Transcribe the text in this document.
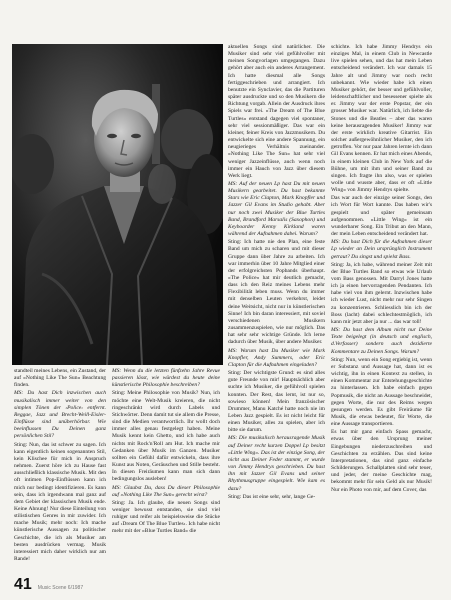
standteil meines Lebens, ein Zustand, der auf »Nothing Like The Sun« Beachtung finden.

MS: Du hast Dich inzwischen auch musikalisch immer weiter von den simplen Tönen der ›Police‹ entfernt. Reggae, Jazz und Brecht-Weill-Eisler-Einflüsse sind unüberhörbar. Wie beeinflussen Du Deinen ganz persönlichen Stil?

Sting: Nun, das ist schwer zu sagen. Ich kann eigentlich keinen sogenannten Stil, kein Klischee für mich in Anspruch nehmen. Zuerst höre ich zu Hause fast ausschließlich klassische Musik. Mit den oft intimen Pop-Einflüssen kann ich mich nur bedingt identifizieren. Es kann sein, dass ich irgendwann mal ganz auf dem Gebiet der klassischen Musik ende. Keine Ahnung! Nur diese Einteilung von stilistischen Genres in mir zuwider. Ich mache Musik; mehr noch: Ich mache künstlerische Aussagen zu politischer Geschichte, die ich als Musiker am besten ausdrücken vermag. Musik interessiert mich daher wirklich nur am Rande!

MS: Wenn du die letzten fünfzehn Jahre Revue passieren lässt, wie würdest du heute deine künstlerische Philosophie beschreiben?

Sting: Meine Philosophie von Musik? Nun, ich möchte eine Welt-Musik kreieren, die nicht ringeschränkt wird durch Labels und Stichwörter. Denn damit tut sie allem die Presse, sind die Medien verantwortlich. Ihr wollt doch immer alles genau festgelegt haben. Meine Musik kennt kein Ghetto, und ich habe auch nichts mit Rock'n'Roll am Hut. Ich mache mir Gedanken über Musik im Ganzen. Musiker sollten ein Gefühl dafür entwickeln, dass ihre Kunst aus Noten, Geräuschen und Stille besteht. In diesen Freiräumen kann man sich dann bedingungslos ausleben!

MS: Glaubst Du, dass Du dieser Philosophie auf »Nothing Like The Sun« gerecht wirst?

Sting: Ja. Ich glaube, die neuen Songs sind weniger bewusst entstanden, sie sind viel ruhiger und reifer als beispielsweise die Stücke auf ›Dream Of The Blue Turtles‹. Ich habe nicht mehr mit der »Blue Turtles Band« die

aktuellen Songs sind natürlicher. Die Musiker sind sehr viel gefühlvoller mit meinen Songvorlagen umgegangen. Dazu gehört aber auch ein anderes Arrangement. Ich hatte diesmal alle Songs fertiggeschrieben und arrangiert. Ich benutzte ein Synclavier, das die Partituren später ausdruckte und so den Musikern die Richtung vorgab. Allein der Ausdruck ihres Spiels war frei. »The Dream of The Blue Turtles« entstand dagegen viel spontaner, sehr viel sessionmäßiger. Das war ein kleiner, feiner Kreis von Jazzmusikern. Du entwickelte sich eine andere Spannung, ein neugierieges Verhältnis zueinander. »Nothing Like The Sun« hat sehr viel weniger Jazzeinflüsse, auch wenn noch immer ein Hauch von Jazz über diesem Werk liegt.

MS: Auf der neuen Lp hast Du mit neuen Musikern gearbeitet. Du hast bekannte Stars wie Eric Clapton, Mark Knopfler und Jazzer Gil Evans im Studio gehabt. Aber nur noch zwei Musiker der Blue Turtles Band, Brandford Marsalis (Saxophon) und Keyboarder Kenny Kirkland waren während der Aufnahmen dabei. Warum?

Sting: Ich hatte nie den Plan, eine feste Band um mich zu scharen und mit dieser Gruppe dann über Jahre zu arbeiten. Ich war immerhin über 10 Jahre Mitglied einer der erfolgreichsten Popbands überhaupt. »The Police« hat mir deutlich gemacht, dass ich den Reiz meines Lebens mehr Flexibilität leben muss. Wenn du immer mit denselben Leuten verkehrst, leidet deine Weitsicht, nicht nur in künstlerischen Sinne! Ich bin daran interessiert, mit soviel verschiedenen Musikern zusammenzuspielen, wie nur möglich. Das hat sehr sehr wichtige Gründe. Ich lerne dadurch über Musik, über andere Musiker.

MS: Warum hast Du Musiker wie Mark Knopfler, Andy Summers, oder Eric Clapton für die Aufnahmen eingeladen?

Sting: Der wichtigste Grund: es sind alles gute Freunde von mir! Hauptsächlich aber suchte ich Musiker, die gefühlvoll spielen konnten. Der Rest, das lernt, ist nur so, sowieso können! Mein französischer Drummer, Manu Katché hatte noch nie im Leben Jazz gespielt. Es ist nicht leicht für einen Musiker, alles zu spielen, aber ich bitte sie darum.

MS: Die musikalisch herausragende Musik auf Deiner recht kurzen Doppel Lp besitzt »Little Wing«. Das ist der einzige Song, der nicht aus Deiner Feder stammt, er wurde von Jimmy Hendryx geschrieben. Du hast ihn mit Jazzer Gil Evans und seiner Rhythmusgruppe eingespielt. Wie kam es dazu?

Sting: Das ist eine sehr, sehr, lange Ge-

schichte. Ich habe Jimmy Hendrys ein einziges Mal, in einem Club in Newcastle live spielen sehen, und das hat mein Leben entscheidend verändert. Ich war damals 15 Jahre alt und Jimmy war noch recht unbekannt. Wie wieder habe ich einen Musiker gehört, der besser und gefühlvoller, leidenschaftlicher und besessener spielte als er. Jimmy war der erste Popstar, der ein grosser Musiker war. Natürlich, ich liebte die Stones und die Beatles – aber das waren keine herausragenden Musiker! Jimmy war der erste wirklich kreative Gitarrist. Ein solcher außergewöhnlicher Musiker, den ich getroffen. Vor nur paar Jahren lernte ich dann Gil Evans kennen. Er hat mich eines Abends, in einem kleinen Club in New York auf die Bühne, um mit ihm und seiner Band zu singen. Ich fragte ihn also, was er spielen wolle und wusste aber, dass er oft »Little Wing« von Jimmy Hendrys spielte.

Das war auch der einzige seiner Songs, den ich Wort für Wort kannte. Das haben wir's gespielt und später gemeinsam aufgenommen. »Little Wing« ist ein wunderbarer Song. Ein Tribut an den Mann, der mein Leben entscheidend verändert hat.

MS: Du hast Dich für die Aufnahmen dieser Lp wieder an Dein ursprünglich Instrument getraut? Du singst und spielst Bass.

Sting: Ja, ich habe, während meiner Zeit mit der Blue Turtles Band so etwas wie Urlaub vom Bass genossen. Mit Darryl Jones hatte ich ja einen hervorragenden Pendanten. Ich habe viel von ihm gelernt. Inzwischen habe ich wieder Lust, nicht mehr nur sehr Singen zu konzentrieren. Schliesslich bin ich der Boss (lacht) dabei schlechtestmöglich, ich kann mir jetzt aber ja nur ... das war toll!

MS: Du hast dem Album nicht nur Deine Texte beigelegt (in deutsch und englisch, d.Verfasser) sondern auch dezidierte Kommentare zu Deinen Songs. Warum?

Sting: Nun, wenn ein Song ergiebig ist, wenn er Substanz und Aussage hat, dann ist es wichtig, ihn in einen Kontext zu stellen, in einen Kommentar zur Entstehungsgeschichte zu hinterlassen. Ich habe einfach gegen Popmusik, die nicht an Aussage beschneidet, gegen Worte, die nur des Reims wegen gesungen werden. Es gibt Freiräume für Musik, die etwas bedeutet, für Worte, die eine Aussage transportieren.

Es hat mir ganz einfach Spass gemacht, etwas über den Ursprung meiner Eingebungen niederzuschreiben und Geschichten zu erzählen. Das sind keine Interpretationen, das sind ganz einfache Schilderungen. Schallplatten sind sehr teuer, und jeder, der meine Geschichte mag, bekommt mehr für sein Geld als nur Musik! Nur ein Photo von mir, auf dem Cover, das

41 Music Scene 6/1987
